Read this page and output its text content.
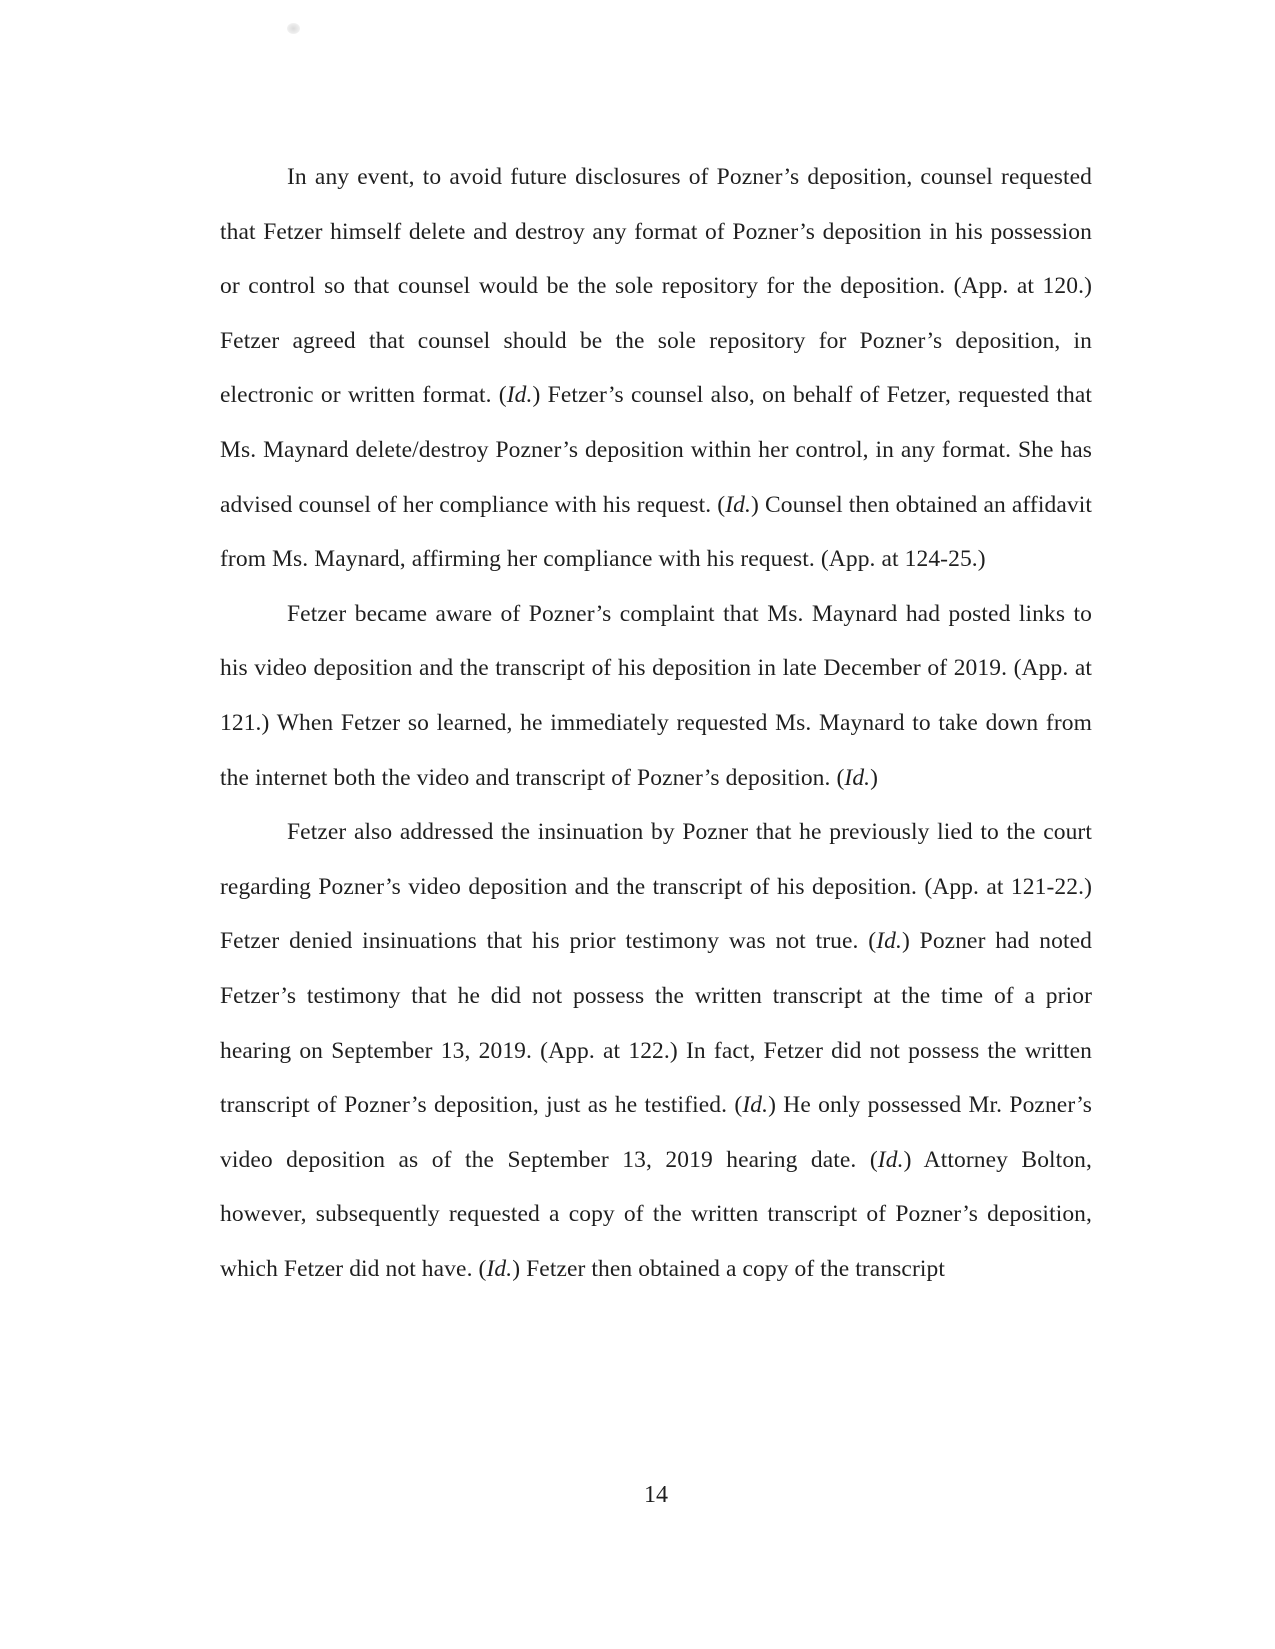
In any event, to avoid future disclosures of Pozner’s deposition, counsel requested that Fetzer himself delete and destroy any format of Pozner’s deposition in his possession or control so that counsel would be the sole repository for the deposition. (App. at 120.) Fetzer agreed that counsel should be the sole repository for Pozner’s deposition, in electronic or written format. (Id.) Fetzer’s counsel also, on behalf of Fetzer, requested that Ms. Maynard delete/destroy Pozner’s deposition within her control, in any format. She has advised counsel of her compliance with his request. (Id.) Counsel then obtained an affidavit from Ms. Maynard, affirming her compliance with his request. (App. at 124-25.)

Fetzer became aware of Pozner’s complaint that Ms. Maynard had posted links to his video deposition and the transcript of his deposition in late December of 2019. (App. at 121.) When Fetzer so learned, he immediately requested Ms. Maynard to take down from the internet both the video and transcript of Pozner’s deposition. (Id.)

Fetzer also addressed the insinuation by Pozner that he previously lied to the court regarding Pozner’s video deposition and the transcript of his deposition. (App. at 121-22.) Fetzer denied insinuations that his prior testimony was not true. (Id.) Pozner had noted Fetzer’s testimony that he did not possess the written transcript at the time of a prior hearing on September 13, 2019. (App. at 122.) In fact, Fetzer did not possess the written transcript of Pozner’s deposition, just as he testified. (Id.) He only possessed Mr. Pozner’s video deposition as of the September 13, 2019 hearing date. (Id.) Attorney Bolton, however, subsequently requested a copy of the written transcript of Pozner’s deposition, which Fetzer did not have. (Id.) Fetzer then obtained a copy of the transcript

14
